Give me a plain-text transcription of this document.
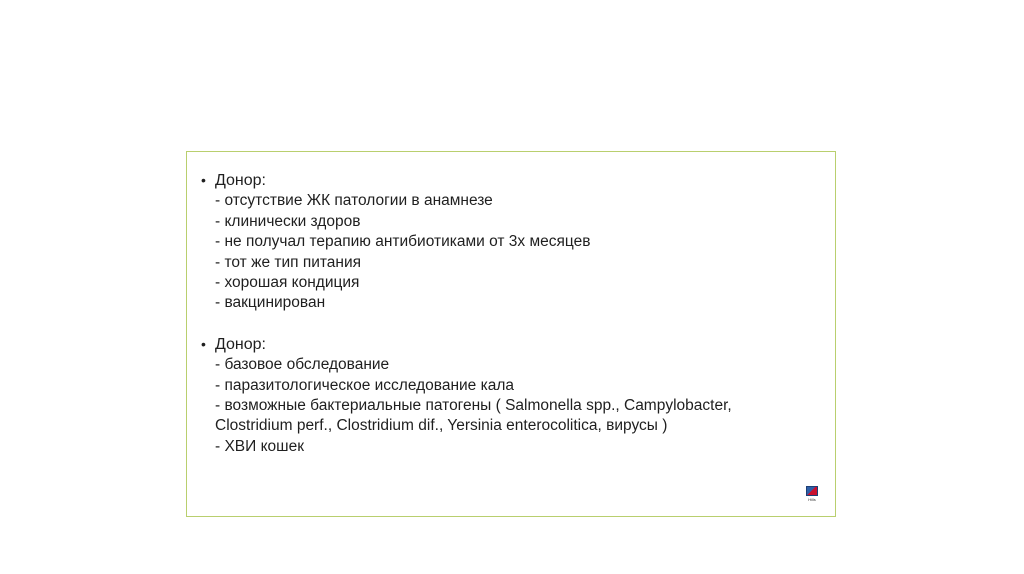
• Донор:
- отсутствие ЖК патологии в анамнезе
- клинически здоров
- не получал терапию антибиотиками от 3х месяцев
- тот же тип питания
- хорошая кондиция
- вакцинирован
• Донор:
- базовое обследование
- паразитологическое исследование кала
- возможные бактериальные патогены ( Salmonella spp., Campylobacter,
Clostridium perf., Clostridium dif., Yersinia enterocolitica, вирусы )
- ХВИ кошек
Hills
